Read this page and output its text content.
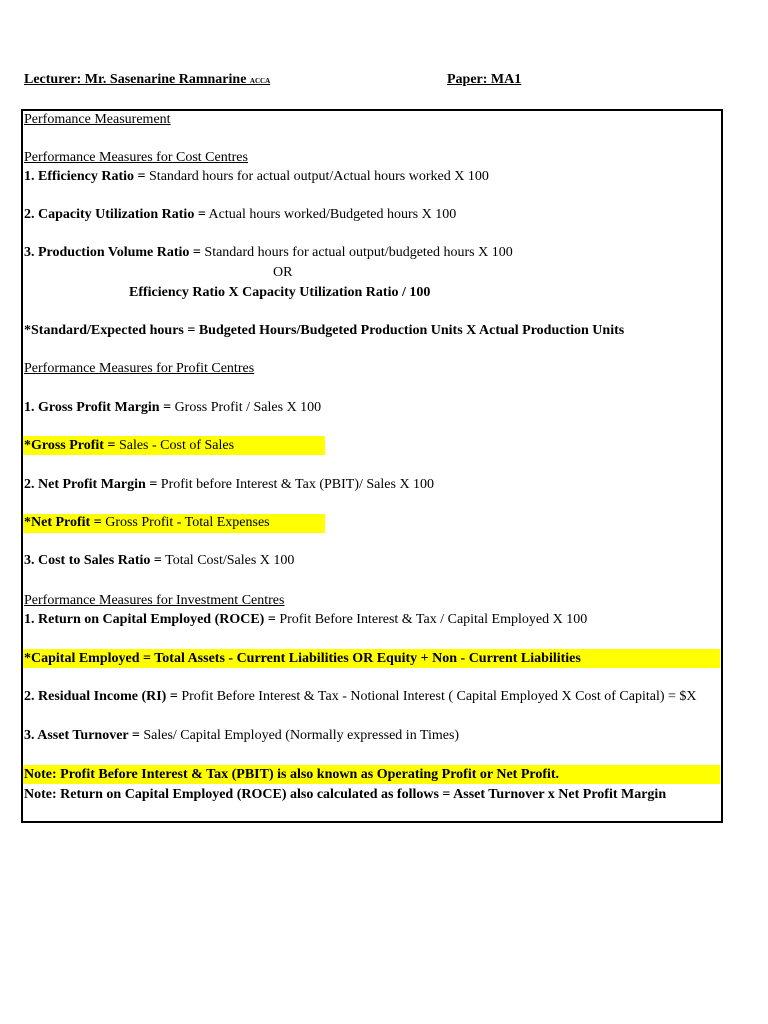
Lecturer: Mr. Sasenarine Ramnarine ACCA	Paper: MA1
Perfomance Measurement
Performance Measures for Cost Centres
1. Efficiency Ratio = Standard hours for actual output/Actual hours worked X 100
2. Capacity Utilization Ratio = Actual hours worked/Budgeted hours X 100
3. Production Volume Ratio = Standard hours for actual output/budgeted hours X 100
OR
Efficiency Ratio X Capacity Utilization Ratio / 100
*Standard/Expected hours = Budgeted Hours/Budgeted Production Units X Actual Production Units
Performance Measures for Profit Centres
1. Gross Profit Margin = Gross Profit / Sales X 100
*Gross Profit = Sales - Cost of Sales
2. Net Profit Margin = Profit before Interest & Tax (PBIT)/ Sales X 100
*Net Profit = Gross Profit - Total Expenses
3. Cost to Sales Ratio = Total Cost/Sales X 100
Performance Measures for Investment Centres
1. Return on Capital Employed (ROCE) = Profit Before Interest & Tax / Capital Employed X 100
*Capital Employed = Total Assets - Current Liabilities OR Equity + Non - Current Liabilities
2. Residual Income (RI) = Profit Before Interest & Tax - Notional Interest ( Capital Employed X Cost of Capital) = $X
3. Asset Turnover = Sales/ Capital Employed (Normally expressed in Times)
Note: Profit Before Interest & Tax (PBIT) is also known as Operating Profit or Net Profit.
Note: Return on Capital Employed (ROCE) also calculated as follows = Asset Turnover x Net Profit Margin
